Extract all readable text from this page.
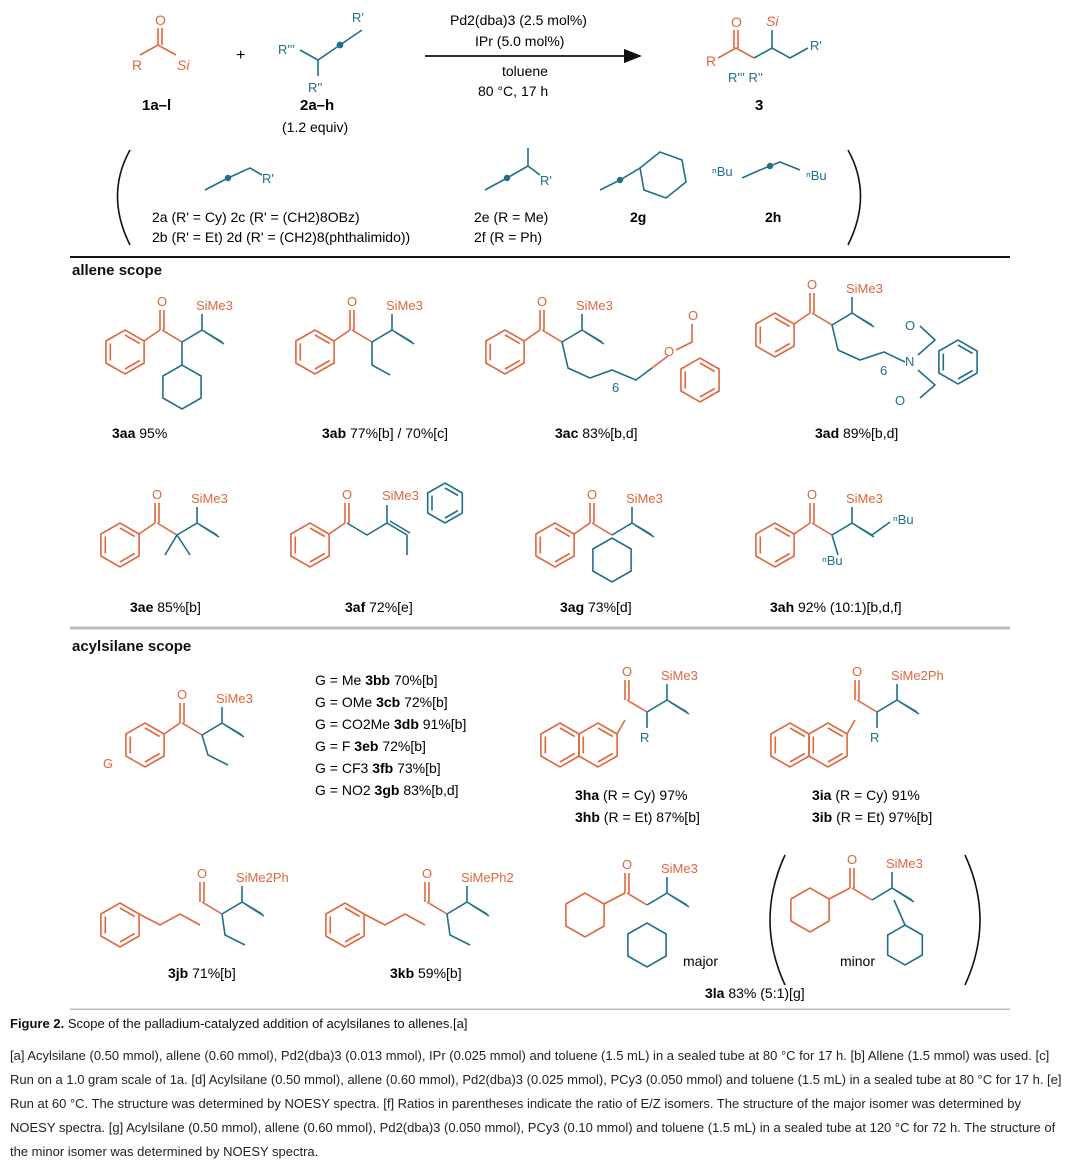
O
R Si
1a–l
+	R'''
R''
R'
2a–h
(1.2 equiv)
Pd2(dba)3 (2.5 mol%)
IPr (5.0 mol%)
toluene
80 °C, 17 h
O
R
Si
R'
R''' R''
3
R'
2a (R' = Cy) 2c (R' = (CH2)8OBz)
2b (R' = Et) 2d (R' = (CH2)8(phthalimido))
R'
2e (R = Me)
2f (R = Ph)
2g
ⁿBu	ⁿBu
2h
O SiMe3	O SiMe3	O SiMe3
6
O
O
O SiMe3
6
N
O
O
O SiMe3	O SiMe3	O SiMe3	O SiMe3
ⁿBu
ⁿBu
G
O SiMe3
O SiMe3
R
O SiMe2Ph
R
O SiMe2Ph	O SiMePh2
O SiMe3
O SiMe3
3aa 95%	3ab 77%[b] / 70%[c]	3ac 83%[b,d]	3ad 89%[b,d]
3ae 85%[b]	3af 72%[e]	3ag 73%[d]	3ah 92% (10:1)[b,d,f]
3ha (R = Cy) 97%
3hb (R = Et) 87%[b]
3ia (R = Cy) 91%
3ib (R = Et) 97%[b]
3jb 71%[b]	3kb 59%[b]
3la 83% (5:1)[g]
major	minor
G = Me 3bb 70%[b]
G = OMe 3cb 72%[b]
G = CO2Me 3db 91%[b]
G = F 3eb 72%[b]
G = CF3 3fb 73%[b]
G = NO2 3gb 83%[b,d]
allene scope
acylsilane scope
Figure 2. Scope of the palladium-catalyzed addition of acylsilanes to allenes.[a]
[a] Acylsilane (0.50 mmol), allene (0.60 mmol), Pd2(dba)3 (0.013 mmol), IPr (0.025 mmol) and toluene (1.5 mL) in a sealed tube at 80 °C for 17 h. [b] Allene (1.5 mmol) was used. [c] Run on a 1.0 gram scale of 1a. [d] Acylsilane (0.50 mmol), allene (0.60 mmol), Pd2(dba)3 (0.025 mmol), PCy3 (0.050 mmol) and toluene (1.5 mL) in a sealed tube at 80 °C for 17 h. [e] Run at 60 °C. The structure was determined by NOESY spectra. [f] Ratios in parentheses indicate the ratio of E/Z isomers. The structure of the major isomer was determined by NOESY spectra. [g] Acylsilane (0.50 mmol), allene (0.60 mmol), Pd2(dba)3 (0.050 mmol), PCy3 (0.10 mmol) and toluene (1.5 mL) in a sealed tube at 120 °C for 72 h. The structure of the minor isomer was determined by NOESY spectra.
